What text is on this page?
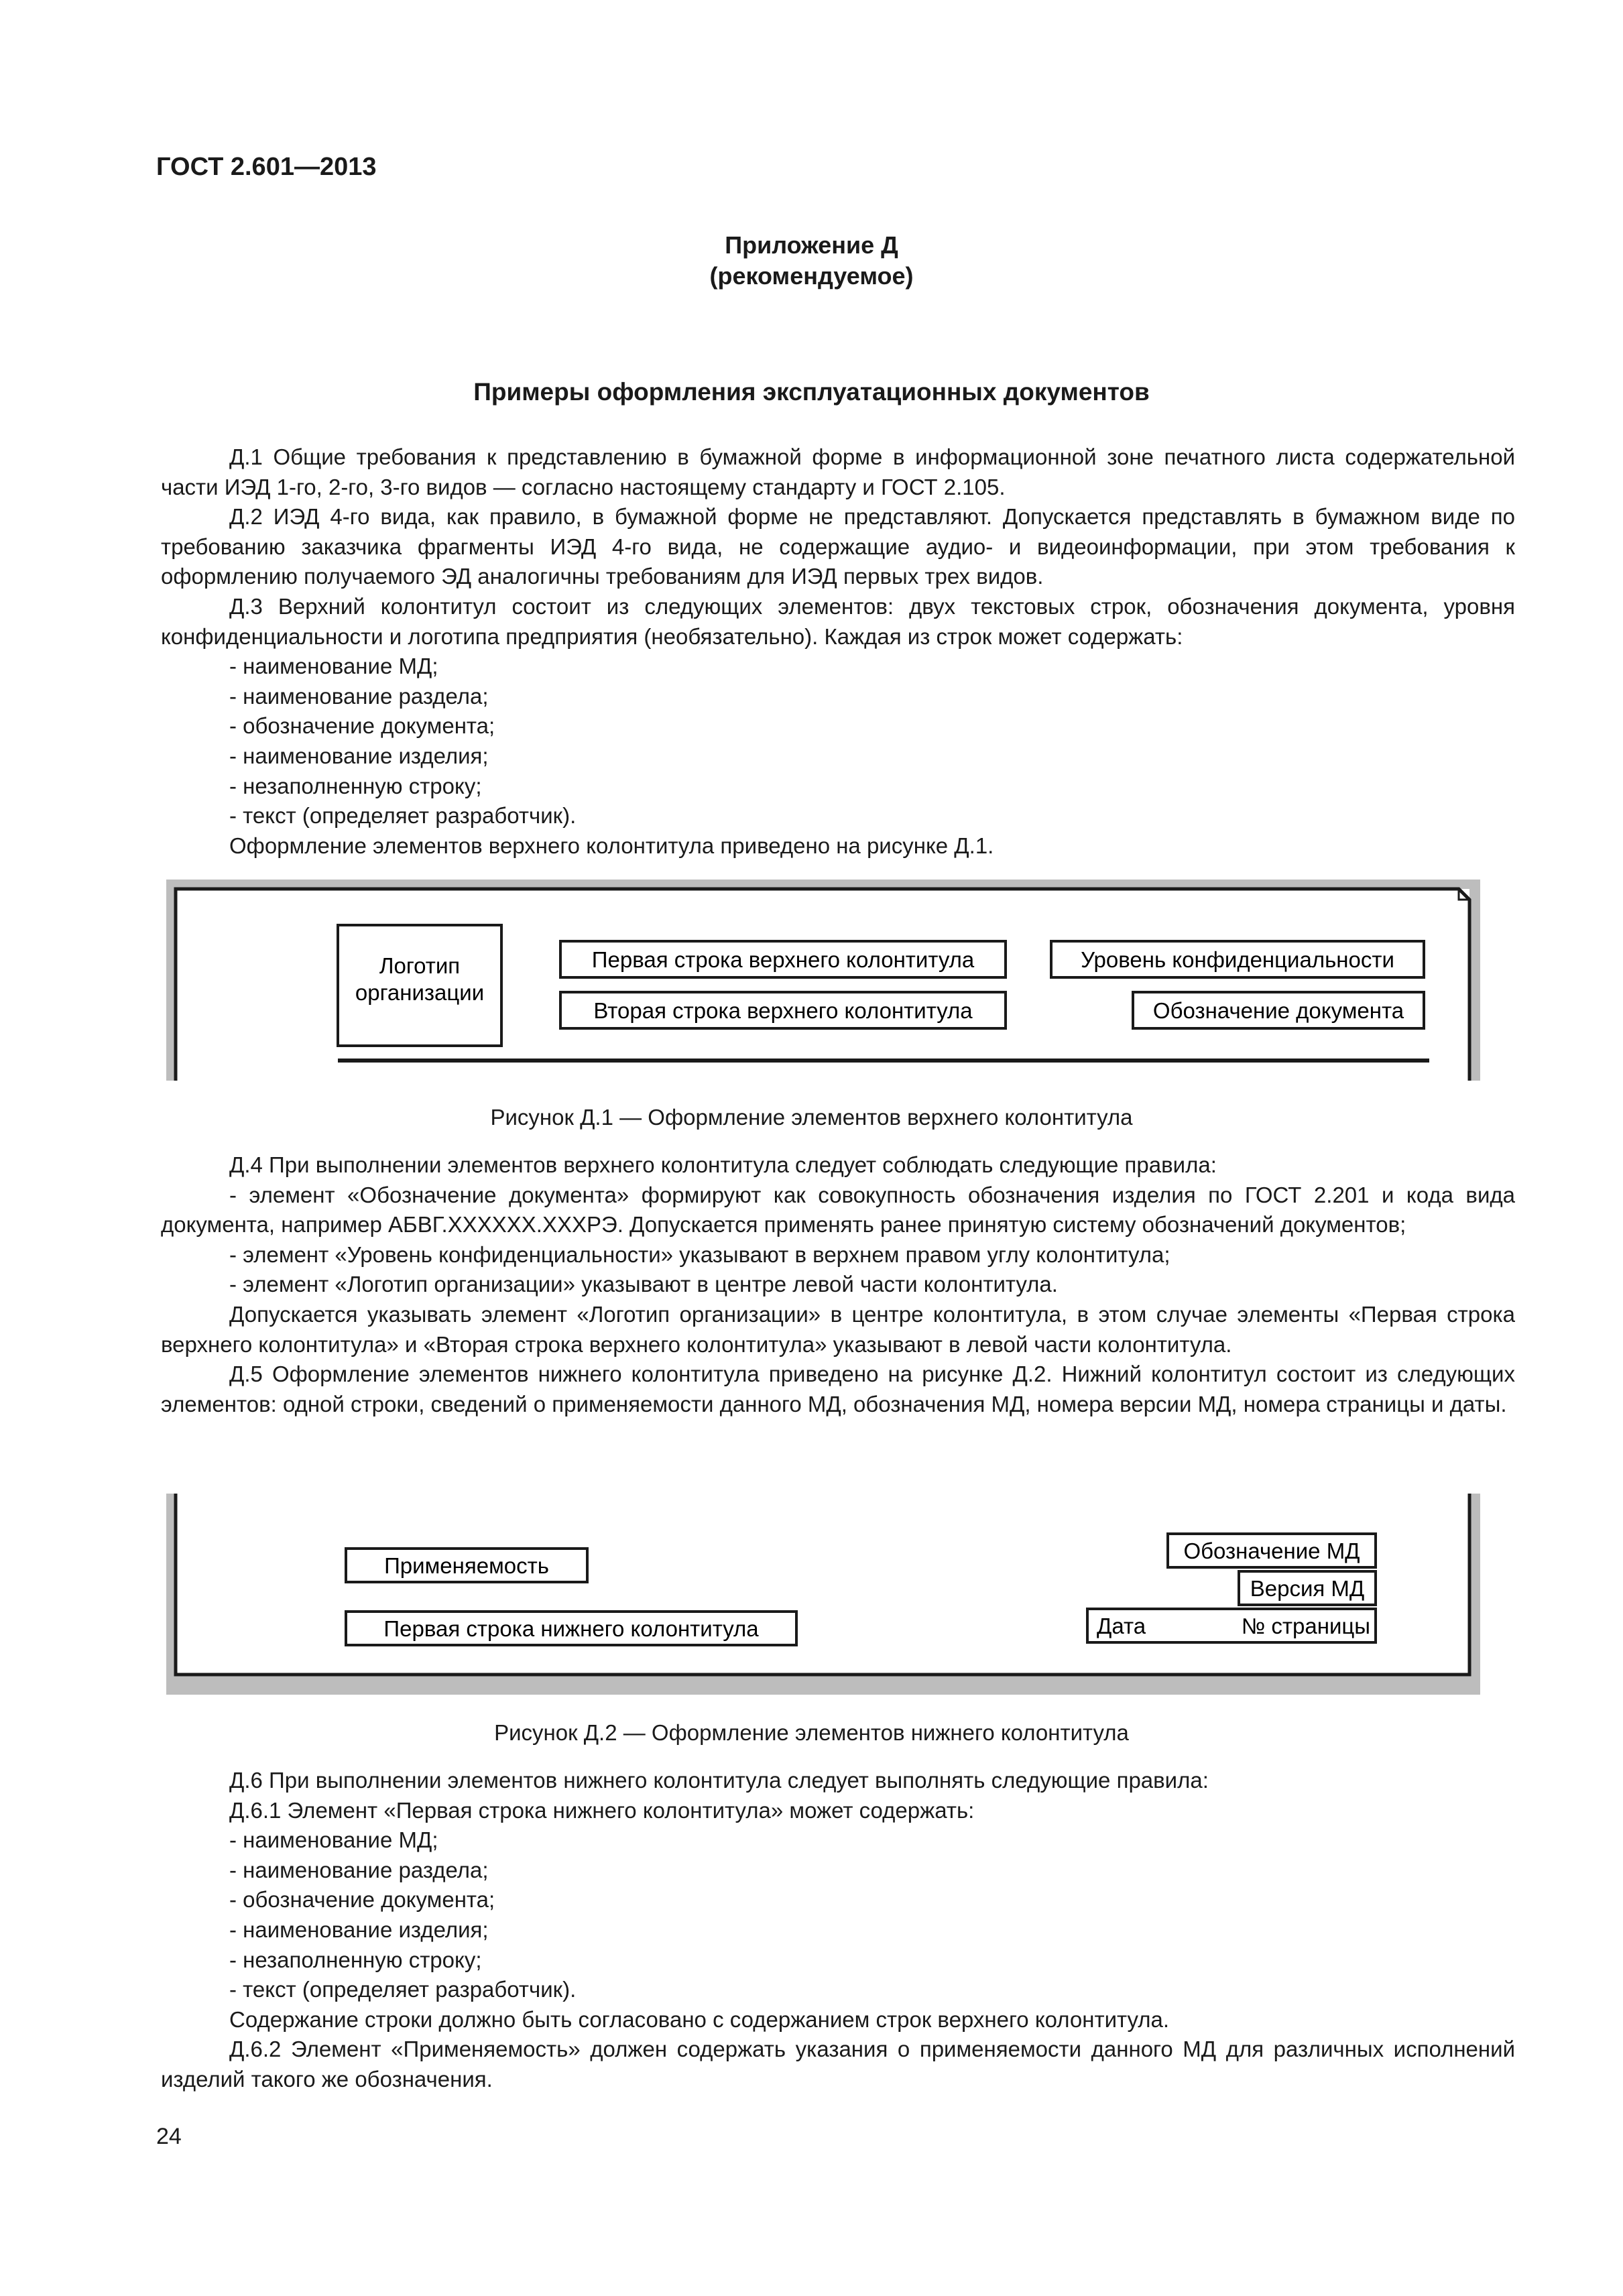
ГОСТ 2.601—2013
Приложение Д
(рекомендуемое)
Примеры оформления эксплуатационных документов

Д.1 Общие требования к представлению в бумажной форме в информационной зоне печатного листа содержательной части ИЭД 1-го, 2-го, 3-го видов — согласно настоящему стандарту и ГОСТ 2.105.

Д.2 ИЭД 4-го вида, как правило, в бумажной форме не представляют. Допускается представлять в бумажном виде по требованию заказчика фрагменты ИЭД 4-го вида, не содержащие аудио- и видеоинформации, при этом требования к оформлению получаемого ЭД аналогичны требованиям для ИЭД первых трех видов.

Д.3 Верхний колонтитул состоит из следующих элементов: двух текстовых строк, обозначения документа, уровня конфиденциальности и логотипа предприятия (необязательно). Каждая из строк может содержать:

- наименование МД;

- наименование раздела;

- обозначение документа;

- наименование изделия;

- незаполненную строку;

- текст (определяет разработчик).

Оформление элементов верхнего колонтитула приведено на рисунке Д.1.

Логотип
организации
Первая строка верхнего колонтитула
Вторая строка верхнего колонтитула
Уровень конфиденциальности
Обозначение документа
Рисунок Д.1 — Оформление элементов верхнего колонтитула

Д.4 При выполнении элементов верхнего колонтитула следует соблюдать следующие правила:

- элемент «Обозначение документа» формируют как совокупность обозначения изделия по ГОСТ 2.201 и кода вида документа, например АБВГ.XXXXXX.XXXРЭ. Допускается применять ранее принятую систему обозначений документов;

- элемент «Уровень конфиденциальности» указывают в верхнем правом углу колонтитула;

- элемент «Логотип организации» указывают в центре левой части колонтитула.

Допускается указывать элемент «Логотип организации» в центре колонтитула, в этом случае элементы «Первая строка верхнего колонтитула» и «Вторая строка верхнего колонтитула» указывают в левой части колонтитула.

Д.5 Оформление элементов нижнего колонтитула приведено на рисунке Д.2. Нижний колонтитул состоит из следующих элементов: одной строки, сведений о применяемости данного МД, обозначения МД, номера версии МД, номера страницы и даты.

Применяемость
Первая строка нижнего колонтитула
Обозначение МД
Версия МД
Дата	№ страницы
Рисунок Д.2 — Оформление элементов нижнего колонтитула

Д.6 При выполнении элементов нижнего колонтитула следует выполнять следующие правила:

Д.6.1 Элемент «Первая строка нижнего колонтитула» может содержать:

- наименование МД;

- наименование раздела;

- обозначение документа;

- наименование изделия;

- незаполненную строку;

- текст (определяет разработчик).

Содержание строки должно быть согласовано с содержанием строк верхнего колонтитула.

Д.6.2 Элемент «Применяемость» должен содержать указания о применяемости данного МД для различных исполнений изделий такого же обозначения.

24
